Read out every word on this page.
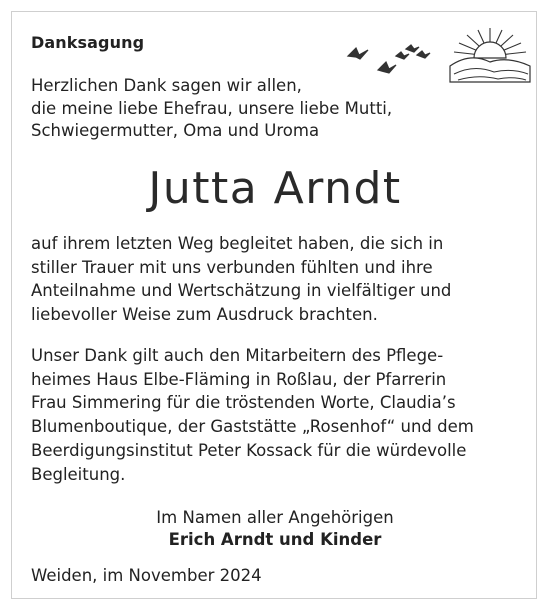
Danksagung
Herzlichen Dank sagen wir allen,
die meine liebe Ehefrau, unsere liebe Mutti,
Schwiegermutter, Oma und Uroma
Jutta Arndt
auf ihrem letzten Weg begleitet haben, die sich in
stiller Trauer mit uns verbunden fühlten und ihre
Anteilnahme und Wertschätzung in vielfältiger und
liebevoller Weise zum Ausdruck brachten.
Unser Dank gilt auch den Mitarbeitern des Pflege-
heimes Haus Elbe-Fläming in Roßlau, der Pfarrerin
Frau Simmering für die tröstenden Worte, Claudia’s
Blumenboutique, der Gaststätte „Rosenhof“ und dem
Beerdigungsinstitut Peter Kossack für die würdevolle
Begleitung.
Im Namen aller Angehörigen
Erich Arndt und Kinder
Weiden, im November 2024
